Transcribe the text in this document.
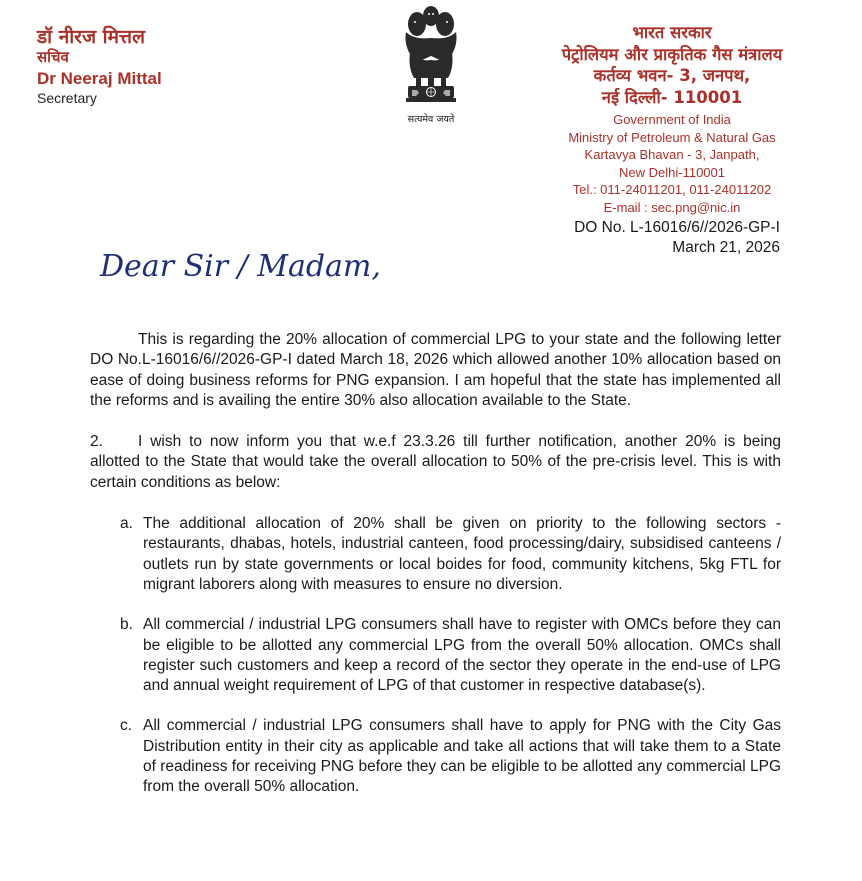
डॉ नीरज मित्तल
सचिव
Dr Neeraj Mittal
Secretary
सत्यमेव जयते
भारत सरकार
पेट्रोलियम और प्राकृतिक गैस मंत्रालय
कर्तव्य भवन- 3, जनपथ,
नई दिल्ली- 110001
Government of India
Ministry of Petroleum & Natural Gas
Kartavya Bhavan - 3, Janpath,
New Delhi-110001
Tel.: 011-24011201, 011-24011202
E-mail : sec.png@nic.in
DO No. L-16016/6//2026-GP-I
March 21, 2026
Dear Sir / Madam,

This is regarding the 20% allocation of commercial LPG to your state and the following letter DO No.L-16016/6//2026-GP-I dated March 18, 2026 which allowed another 10% allocation based on ease of doing business reforms for PNG expansion. I am hopeful that the state has implemented all the reforms and is availing the entire 30% also allocation available to the State.

2. I wish to now inform you that w.e.f 23.3.26 till further notification, another 20% is being allotted to the State that would take the overall allocation to 50% of the pre-crisis level. This is with certain conditions as below:

a. The additional allocation of 20% shall be given on priority to the following sectors - restaurants, dhabas, hotels, industrial canteen, food processing/dairy, subsidised canteens / outlets run by state governments or local boides for food, community kitchens, 5kg FTL for migrant laborers along with measures to ensure no diversion.
b. All commercial / industrial LPG consumers shall have to register with OMCs before they can be eligible to be allotted any commercial LPG from the overall 50% allocation. OMCs shall register such customers and keep a record of the sector they operate in the end-use of LPG and annual weight requirement of LPG of that customer in respective database(s).
c. All commercial / industrial LPG consumers shall have to apply for PNG with the City Gas Distribution entity in their city as applicable and take all actions that will take them to a State of readiness for receiving PNG before they can be eligible to be allotted any commercial LPG from the overall 50% allocation.
